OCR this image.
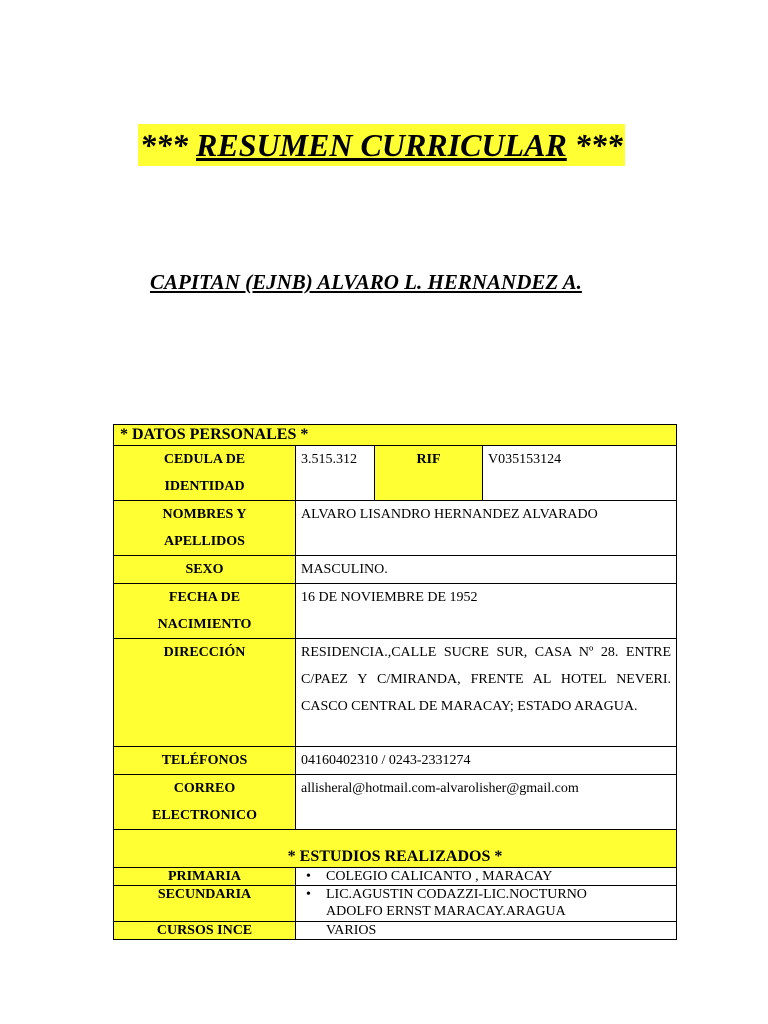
*** RESUMEN CURRICULAR ***
CAPITAN (EJNB) ALVARO L. HERNANDEZ A.
* DATOS PERSONALES *			

CEDULA DE
IDENTIDAD	3.515.312	RIF	V035153124

NOMBRES Y
APELLIDOS	ALVARO LISANDRO HERNANDEZ ALVARADO		
SEXO	MASCULINO.		

FECHA DE
NACIMIENTO	16 DE NOVIEMBRE DE 1952		
DIRECCIÓN	RESIDENCIA.,CALLE SUCRE SUR, CASA Nº 28. ENTRE C/PAEZ Y C/MIRANDA, FRENTE AL HOTEL NEVERI. CASCO CENTRAL DE MARACAY; ESTADO ARAGUA.		
TELÉFONOS	04160402310 / 0243-2331274		

CORREO
ELECTRONICO	allisheral@hotmail.com-alvarolisher@gmail.com		
* ESTUDIOS REALIZADOS *			
PRIMARIA	• COLEGIO CALICANTO , MARACAY		
SECUNDARIA	• LIC.AGUSTIN CODAZZI-LIC.NOCTURNO
ADOLFO ERNST MARACAY.ARAGUA		

CURSOS INCE	VARIOS		
